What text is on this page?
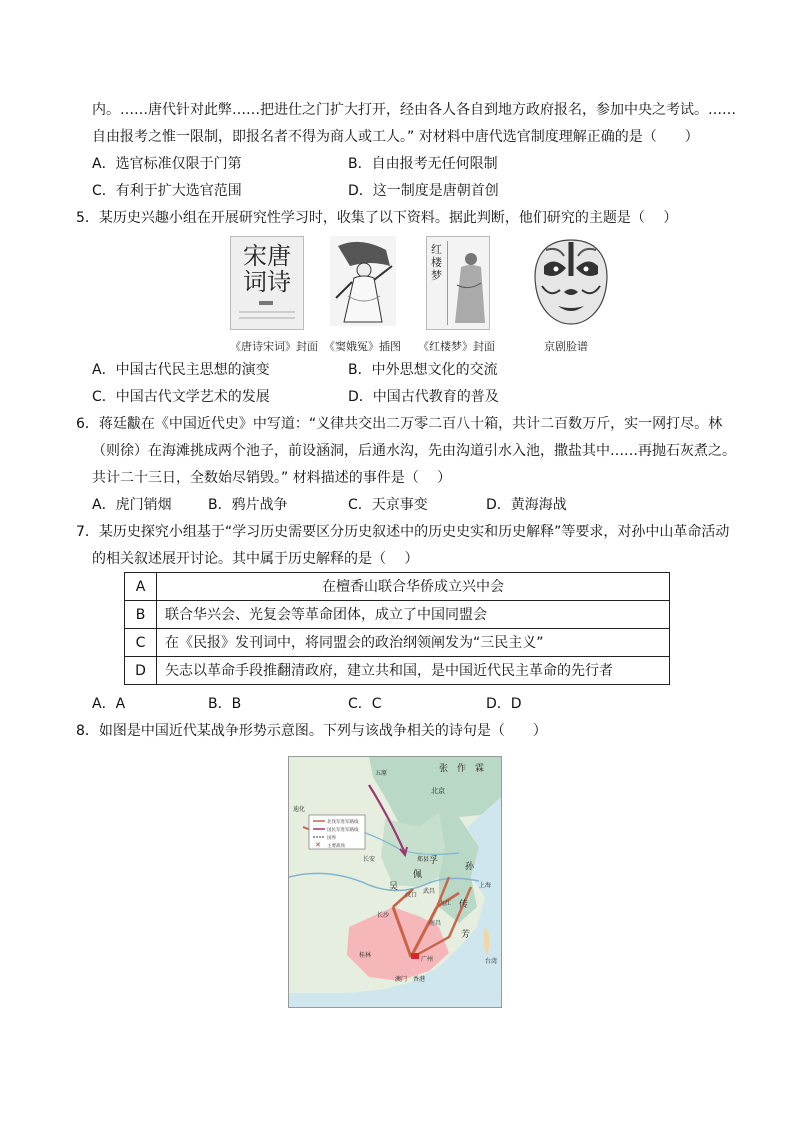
内。……唐代针对此弊……把进仕之门扩大打开，经由各人各自到地方政府报名，参加中央之考试。……
自由报考之惟一限制，即报名者不得为商人或工人。” 对材料中唐代选官制度理解正确的是（　　）
A．选官标准仅限于门第	B．自由报考无任何限制
C．有利于扩大选官范围	D．这一制度是唐朝首创
5．某历史兴趣小组在开展研究性学习时，收集了以下资料。据此判断，他们研究的主题是（　 ）
宋唐
词诗
《唐诗宋词》封面 《窦娥冤》插图
红楼梦
《红楼梦》封面	京剧脸谱
A．中国古代民主思想的演变	B．中外思想文化的交流
C．中国古代文学艺术的发展	D．中国古代教育的普及
6．蒋廷黻在《中国近代史》中写道：“义律共交出二万零二百八十箱，共计二百数万斤，实一网打尽。林
（则徐）在海滩挑成两个池子，前设涵洞，后通水沟，先由沟道引水入池，撒盐其中……再抛石灰煮之。
共计二十三日，全数始尽销毁。” 材料描述的事件是（　 ）
A．虎门销烟	B．鸦片战争	C．天京事变	D．黄海海战
7．某历史探究小组基于“学习历史需要区分历史叙述中的历史史实和历史解释”等要求，对孙中山革命活动
的相关叙述展开讨论。其中属于历史解释的是（　 ）
A	在檀香山联合华侨成立兴中会
B	联合华兴会、光复会等革命团体，成立了中国同盟会
C	在《民报》发刊词中，将同盟会的政治纲领阐发为“三民主义”
D	矢志以革命手段推翻清政府，建立共和国，是中国近代民主革命的先行者
A．A	B．B	C．C	D．D
8．如图是中国近代某战争形势示意图。下列与该战争相关的诗句是（　　）
✕
北伐军进军路线
国民军进军路线
国界
主要战场
张 作 霖
北京
五原
长安	郑县
吴
佩
孚
孙
传
芳
上海
汉口
武昌
九江
长沙
南昌
桂林
广州
香港
澳门
台湾
迪化
